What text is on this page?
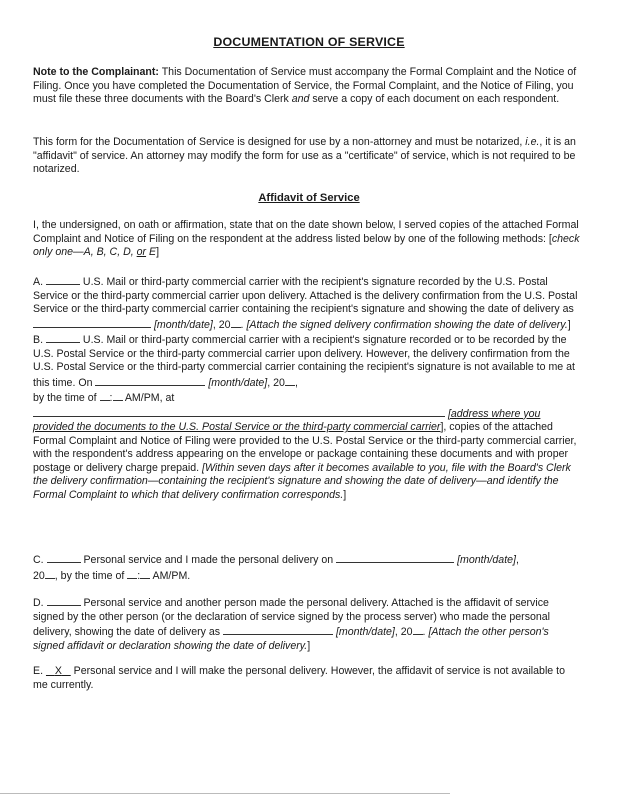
DOCUMENTATION OF SERVICE

Note to the Complainant: This Documentation of Service must accompany the Formal Complaint and the Notice of Filing. Once you have completed the Documentation of Service, the Formal Complaint, and the Notice of Filing, you must file these three documents with the Board's Clerk and serve a copy of each document on each respondent.

This form for the Documentation of Service is designed for use by a non-attorney and must be notarized, i.e., it is an "affidavit" of service. An attorney may modify the form for use as a "certificate" of service, which is not required to be notarized.

Affidavit of Service

I, the undersigned, on oath or affirmation, state that on the date shown below, I served copies of the attached Formal Complaint and Notice of Filing on the respondent at the address listed below by one of the following methods: [check only one—A, B, C, D, or E]

A.	U.S. Mail or third-party commercial carrier with the recipient's signature recorded by the U.S. Postal Service or the third-party commercial carrier upon delivery. Attached is the delivery confirmation from the U.S. Postal Service or the third-party commercial carrier containing the recipient's signature and showing the date of delivery as  [month/date], 20 . [Attach the signed delivery confirmation showing the date of delivery.]

B.	U.S. Mail or third-party commercial carrier with a recipient's signature recorded or to be recorded by the U.S. Postal Service or the third-party commercial carrier upon delivery. However, the delivery confirmation from the U.S. Postal Service or the third-party commercial carrier containing the recipient's signature is not available to me at this time. On	[month/date], 20 ,
by the time of : AM/PM, at
[address where you provided the documents to the U.S. Postal Service or the third-party commercial carrier], copies of the attached Formal Complaint and Notice of Filing were provided to the U.S. Postal Service or the third-party commercial carrier, with the respondent's address appearing on the envelope or package containing these documents and with proper postage or delivery charge prepaid. [Within seven days after it becomes available to you, file with the Board's Clerk the delivery confirmation—containing the recipient's signature and showing the date of delivery—and identify the Formal Complaint to which that delivery confirmation corresponds.]

C.	Personal service and I made the personal delivery on	[month/date],
20 , by the time of : AM/PM.

D.	Personal service and another person made the personal delivery. Attached is the affidavit of service signed by the other person (or the declaration of service signed by the process server) who made the personal delivery, showing the date of delivery as	[month/date], 20 . [Attach the other person's signed affidavit or declaration showing the date of delivery.]

E. X    Personal service and I will make the personal delivery. However, the affidavit of service is not available to me currently.
